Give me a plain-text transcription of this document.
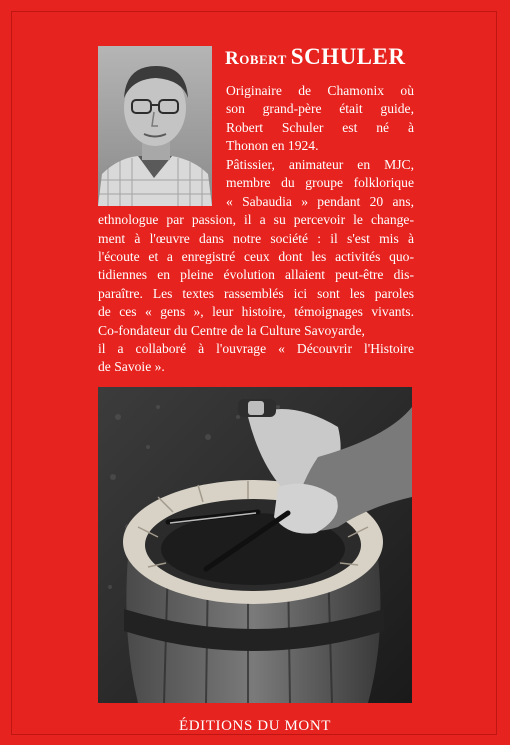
Robert SCHULER

Originaire de Chamonix où
son grand-père était guide,
Robert Schuler est né à
Thonon en 1924.

Pâtissier, animateur en MJC,
membre du groupe folklorique
« Sabaudia » pendant 20 ans,
ethnologue par passion, il a su percevoir le change-
ment à l'œuvre dans notre société : il s'est mis à
l'écoute et a enregistré ceux dont les activités quo-
tidiennes en pleine évolution allaient peut-être dis-
paraître. Les textes rassemblés ici sont les paroles
de ces « gens », leur histoire, témoignages vivants.
Co-fondateur du Centre de la Culture Savoyarde,
il a collaboré à l'ouvrage « Découvrir l'Histoire
de Savoie ».

ÉDITIONS DU MONT
